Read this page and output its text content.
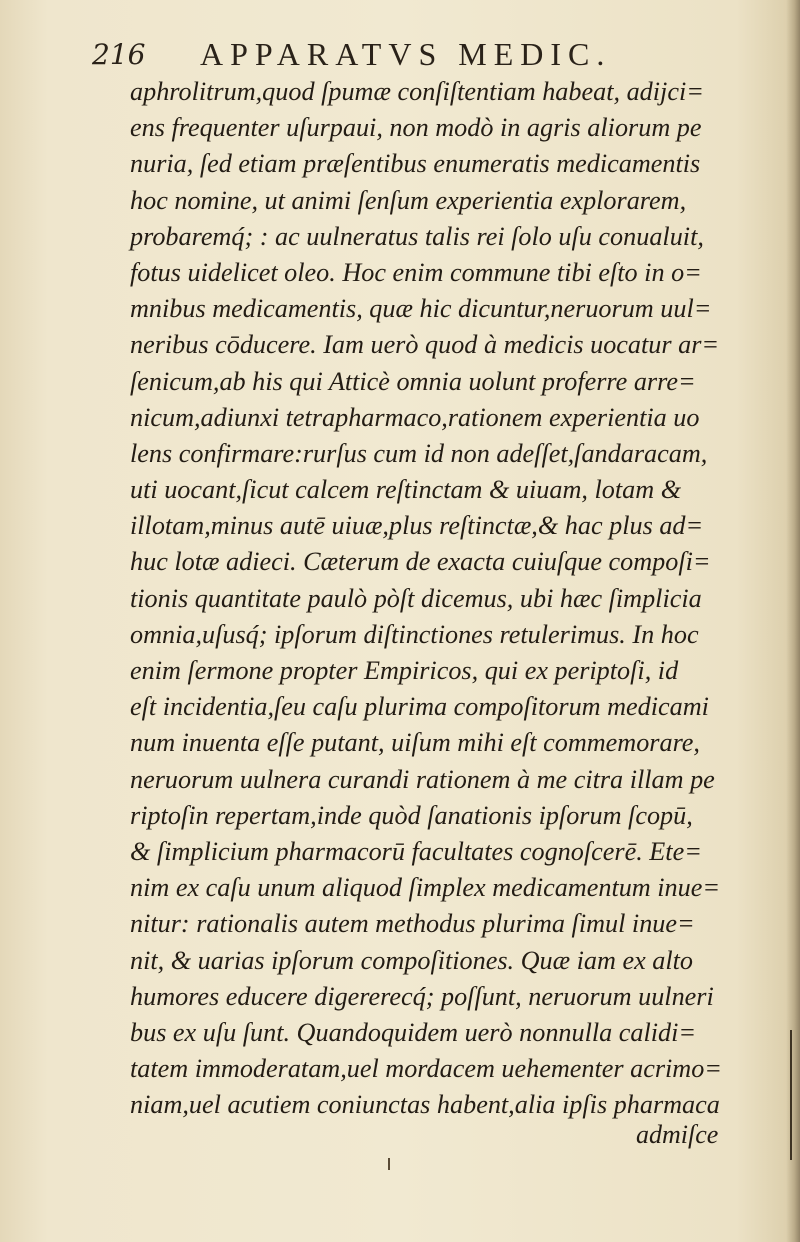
216 APPARATVS MEDIC.
aphrolitrum,quod ſpumæ conſiſtentiam habeat, adijci=
ens frequenter uſurpaui, non modò in agris aliorum pe
nuria, ſed etiam præſentibus enumeratis medicamentis
hoc nomine, ut animi ſenſum experientia explorarem,
probaremq́; : ac uulneratus talis rei ſolo uſu conualuit,
fotus uidelicet oleo. Hoc enim commune tibi eſto in o=
mnibus medicamentis, quæ hic dicuntur,neruorum uul=
neribus cōducere. Iam uerò quod à medicis uocatur ar=
ſenicum,ab his qui Atticè omnia uolunt proferre arre=
nicum,adiunxi tetrapharmaco,rationem experientia uo
lens confirmare:rurſus cum id non adeſſet,ſandaracam,
uti uocant,ſicut calcem reſtinctam & uiuam, lotam &
illotam,minus autē uiuæ,plus reſtinctæ,& hac plus ad=
huc lotæ adieci. Cæterum de exacta cuiuſque compoſi=
tionis quantitate paulò pòſt dicemus, ubi hæc ſimplicia
omnia,uſusq́; ipſorum diſtinctiones retulerimus. In hoc
enim ſermone propter Empiricos, qui ex periptoſi, id
eſt incidentia,ſeu caſu plurima compoſitorum medicami
num inuenta eſſe putant, uiſum mihi eſt commemorare,
neruorum uulnera curandi rationem à me citra illam pe
riptoſin repertam,inde quòd ſanationis ipſorum ſcopū,
& ſimplicium pharmacorū facultates cognoſcerē. Ete=
nim ex caſu unum aliquod ſimplex medicamentum inue=
nitur: rationalis autem methodus plurima ſimul inue=
nit, & uarias ipſorum compoſitiones. Quæ iam ex alto
humores educere digererecq́; poſſunt, neruorum uulneri
bus ex uſu ſunt. Quandoquidem uerò nonnulla calidi=
tatem immoderatam,uel mordacem uehementer acrimo=
niam,uel acutiem coniunctas habent,alia ipſis pharmaca
admiſce
